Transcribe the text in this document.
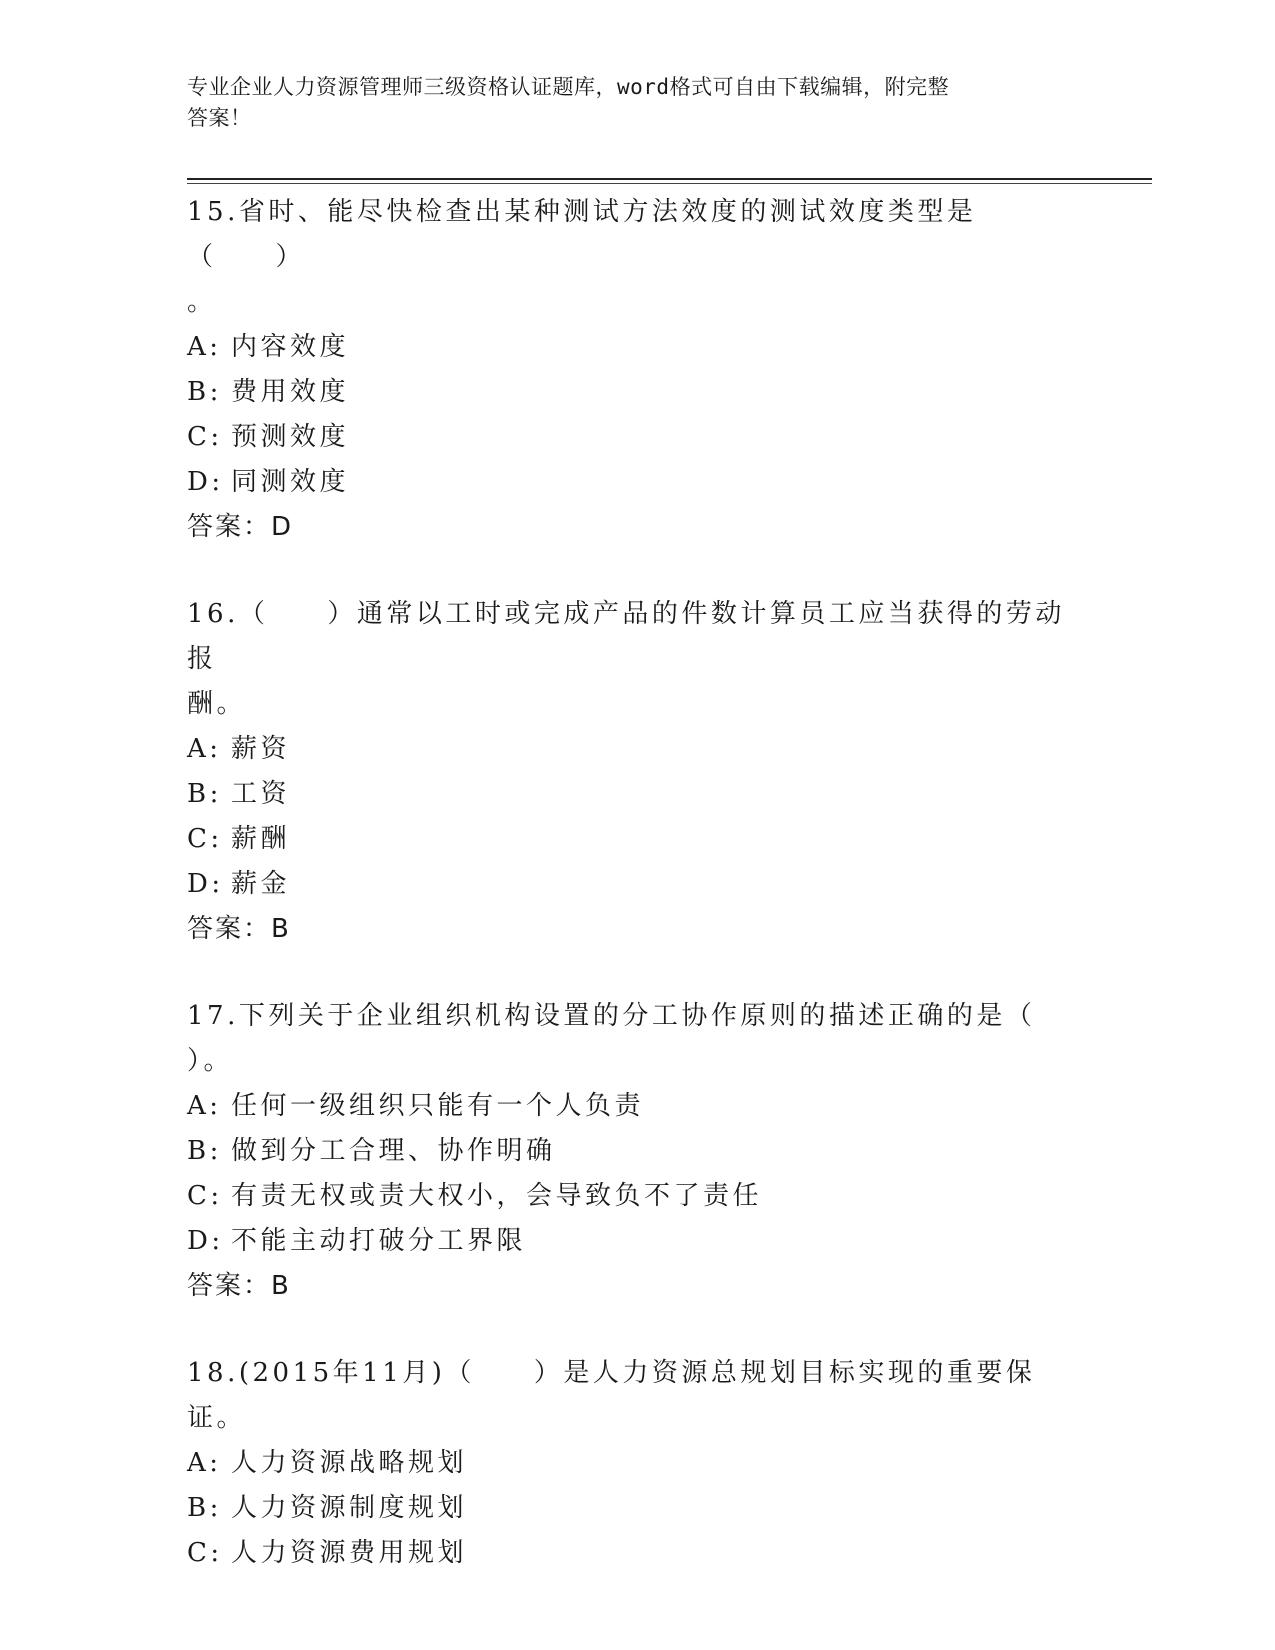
专业企业人力资源管理师三级资格认证题库，word格式可自由下载编辑，附完整
答案！

15.省时、能尽快检查出某种测试方法效度的测试效度类型是（　　）

。

A: 内容效度

B: 费用效度

C: 预测效度

D: 同测效度

答案：D

16.（　　）通常以工时或完成产品的件数计算员工应当获得的劳动报

酬。

A: 薪资

B: 工资

C: 薪酬

D: 薪金

答案：B

17.下列关于企业组织机构设置的分工协作原则的描述正确的是（

）。

A: 任何一级组织只能有一个人负责

B: 做到分工合理、协作明确

C: 有责无权或责大权小，会导致负不了责任

D: 不能主动打破分工界限

答案：B

18.(2015年11月)（　　）是人力资源总规划目标实现的重要保证。

A: 人力资源战略规划

B: 人力资源制度规划

C: 人力资源费用规划
